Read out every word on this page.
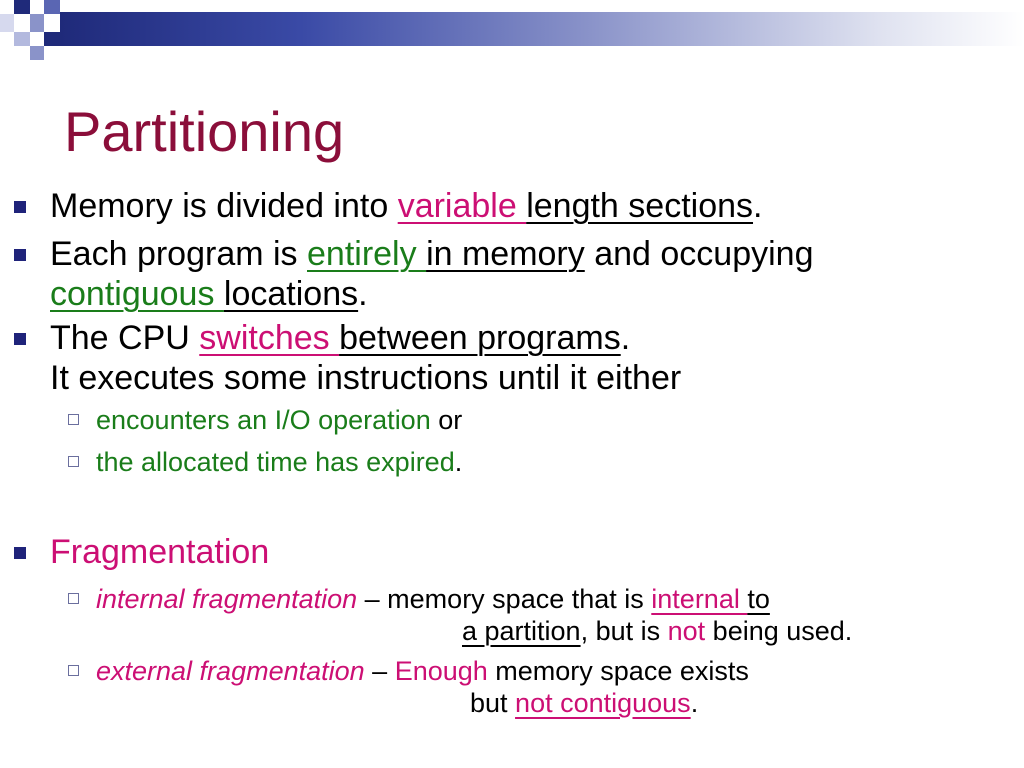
Partitioning
Memory is divided into variable length sections.
Each program is entirely in memory and occupying
contiguous locations.
The CPU switches between programs.
It executes some instructions until it either
encounters an I/O operation or
the allocated time has expired.
Fragmentation
internal fragmentation – memory space that is internal to
a partition, but is not being used.
external fragmentation – Enough memory space exists
but not contiguous.
